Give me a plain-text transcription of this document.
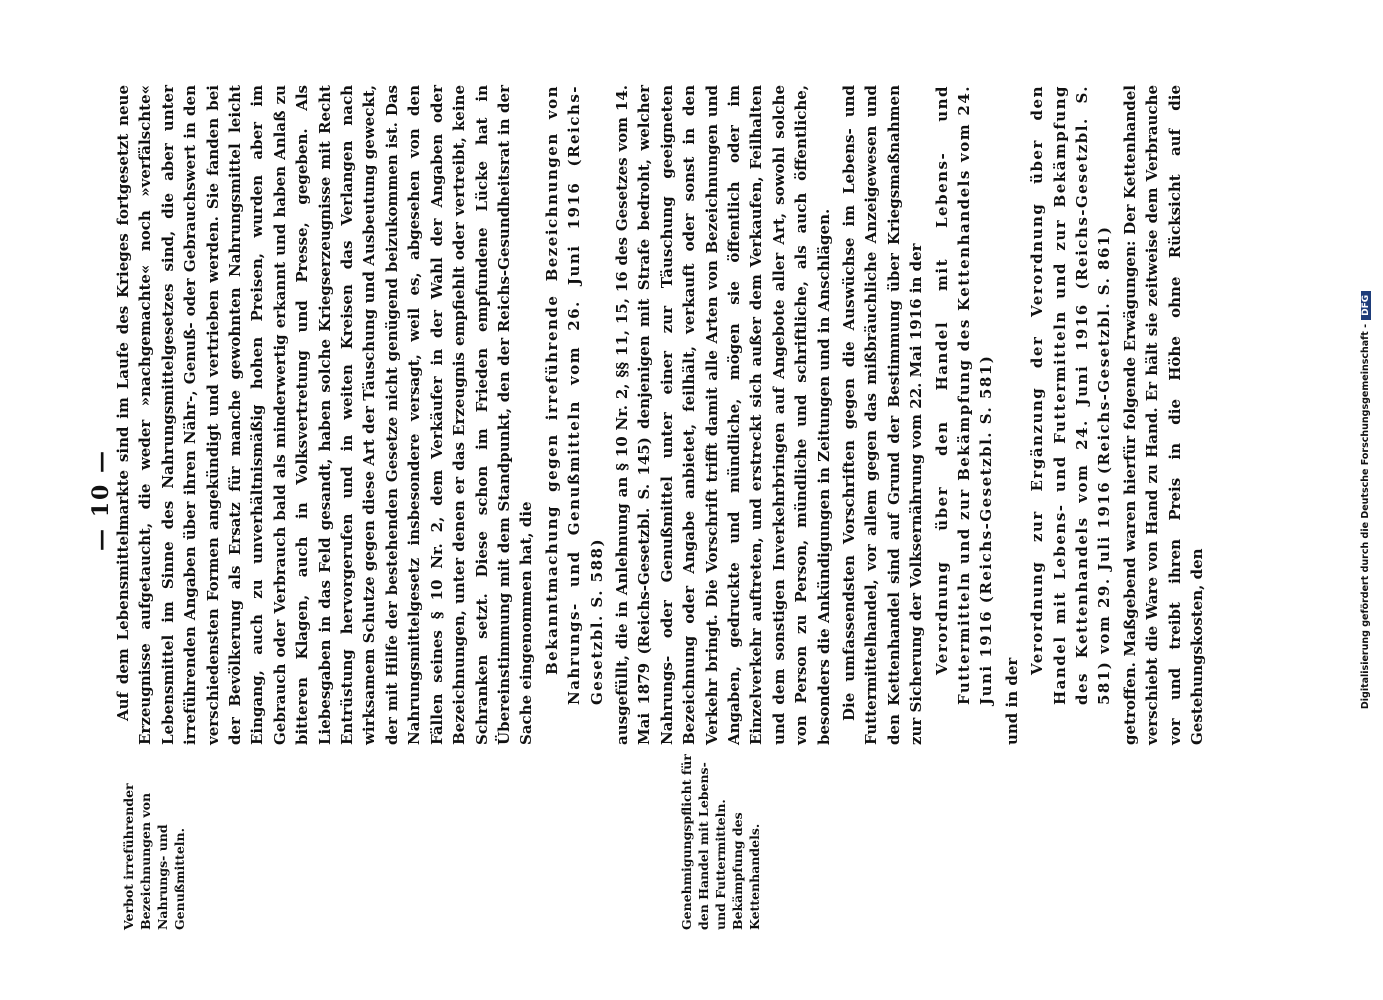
— 10 —
Verbot irreführender Bezeichnungen von Nahrungs- und Genußmitteln.	Genehmigungspflicht für den Handel mit Lebens- und Futtermitteln. Bekämpfung des Kettenhandels.

Auf dem Lebensmittelmarkte sind im Laufe des Krieges fortgesetzt neue Erzeugnisse aufgetaucht, die weder »nachgemachte« noch »verfälschte« Lebensmittel im Sinne des Nahrungsmittelgesetzes sind, die aber unter irreführenden Angaben über ihren Nähr-, Genuß- oder Gebrauchswert in den verschiedensten Formen angekündigt und vertrieben werden. Sie fanden bei der Bevölkerung als Ersatz für manche gewohnten Nahrungsmittel leicht Eingang, auch zu unverhältnismäßig hohen Preisen, wurden aber im Gebrauch oder Verbrauch bald als minderwertig erkannt und haben Anlaß zu bitteren Klagen, auch in Volksvertretung und Presse, gegeben. Als Liebesgaben in das Feld gesandt, haben solche Kriegserzeugnisse mit Recht Entrüstung hervorgerufen und in weiten Kreisen das Verlangen nach wirksamem Schutze gegen diese Art der Täuschung und Ausbeutung geweckt, der mit Hilfe der bestehenden Gesetze nicht genügend beizukommen ist. Das Nahrungsmittelgesetz insbesondere versagt, weil es, abgesehen von den Fällen seines § 10 Nr. 2, dem Verkäufer in der Wahl der Angaben oder Bezeichnungen, unter denen er das Erzeugnis empfiehlt oder vertreibt, keine Schranken setzt. Diese schon im Frieden empfundene Lücke hat in Übereinstimmung mit dem Standpunkt, den der Reichs-Gesundheitsrat in der Sache eingenommen hat, die Bekanntmachung gegen irreführende Bezeichnungen von Nahrungs- und Genußmitteln vom 26. Juni 1916 (Reichs-Gesetzbl. S. 588) ausgefüllt, die in Anlehnung an § 10 Nr. 2, §§ 11, 15, 16 des Gesetzes vom 14. Mai 1879 (Reichs-Gesetzbl. S. 145) denjenigen mit Strafe bedroht, welcher Nahrungs- oder Genußmittel unter einer zur Täuschung geeigneten Bezeichnung oder Angabe anbietet, feilhält, verkauft oder sonst in den Verkehr bringt. Die Vorschrift trifft damit alle Arten von Bezeichnungen und Angaben, gedruckte und mündliche, mögen sie öffentlich oder im Einzelverkehr auftreten, und erstreckt sich außer dem Verkaufen, Feilhalten und dem sonstigen Inverkehrbringen auf Angebote aller Art, sowohl solche von Person zu Person, mündliche und schriftliche, als auch öffentliche, besonders die Ankündigungen in Zeitungen und in Anschlägen. Die umfassendsten Vorschriften gegen die Auswüchse im Lebens- und Futtermittelhandel, vor allem gegen das mißbräuchliche Anzeigewesen und den Kettenhandel sind auf Grund der Bestimmung über Kriegsmaßnahmen zur Sicherung der Volksernährung vom 22. Mai 1916 in der Verordnung über den Handel mit Lebens- und Futtermitteln und zur Bekämpfung des Kettenhandels vom 24. Juni 1916 (Reichs-Gesetzbl. S. 581) und in der

Verordnung zur Ergänzung der Verordnung über den Handel mit Lebens- und Futtermitteln und zur Bekämpfung des Kettenhandels vom 24. Juni 1916 (Reichs-Gesetzbl. S. 581) vom 29. Juli 1916 (Reichs-Gesetzbl. S. 861) getroffen. Maßgebend waren hierfür folgende Erwägungen: Der Kettenhandel verschiebt die Ware von Hand zu Hand. Er hält sie zeitweise dem Verbrauche vor und treibt ihren Preis in die Höhe ohne Rücksicht auf die Gestehungskosten, den	Digitalisierung gefördert durch die Deutsche Forschungsgemeinschaft -DFG
